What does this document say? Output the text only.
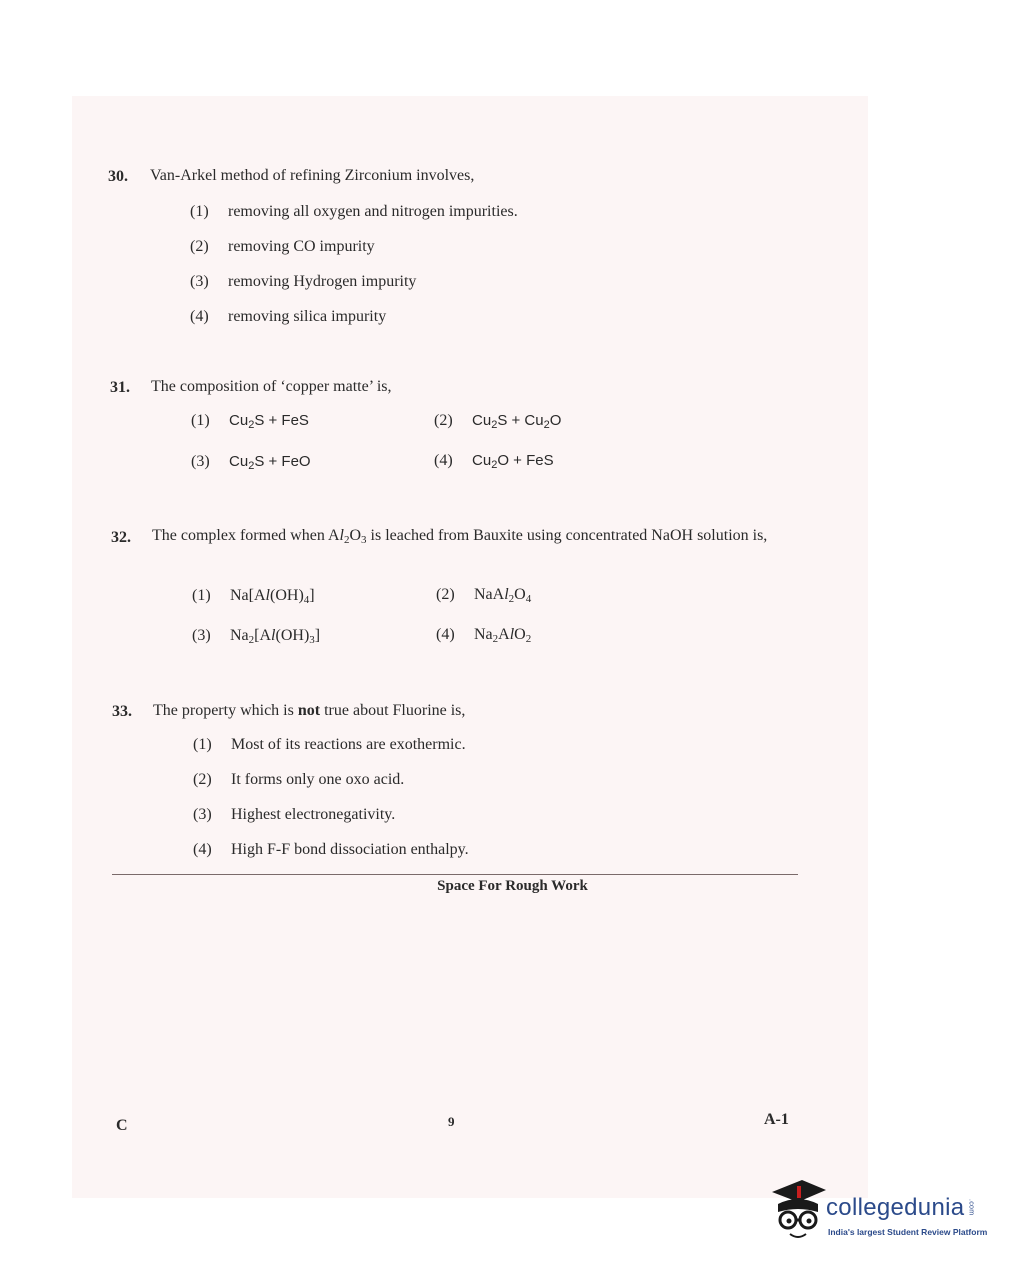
30. Van-Arkel method of refining Zirconium involves,
(1) removing all oxygen and nitrogen impurities.
(2) removing CO impurity
(3) removing Hydrogen impurity
(4) removing silica impurity
31. The composition of ‘copper matte’ is,
(1) $Cu_2S$ + FeS	(2) $Cu_2S + Cu_2O$
(3) $Cu_2S$ + FeO	(4) $Cu_2O$ + FeS
32. The complex formed when $Al_2O_3$ is leached from Bauxite using concentrated NaOH solution is,
(1) $Na[Al(OH)_4]$	(2) $NaAl_2O_4$
(3) $Na_2[Al(OH)_3]$	(4) $Na_2AlO_2$
33. The property which is not true about Fluorine is,
(1) Most of its reactions are exothermic.
(2) It forms only one oxo acid.
(3) Highest electronegativity.
(4) High F-F bond dissociation enthalpy.
Space For Rough Work
C	9	A-1
collegedunia .com
India's largest Student Review Platform
